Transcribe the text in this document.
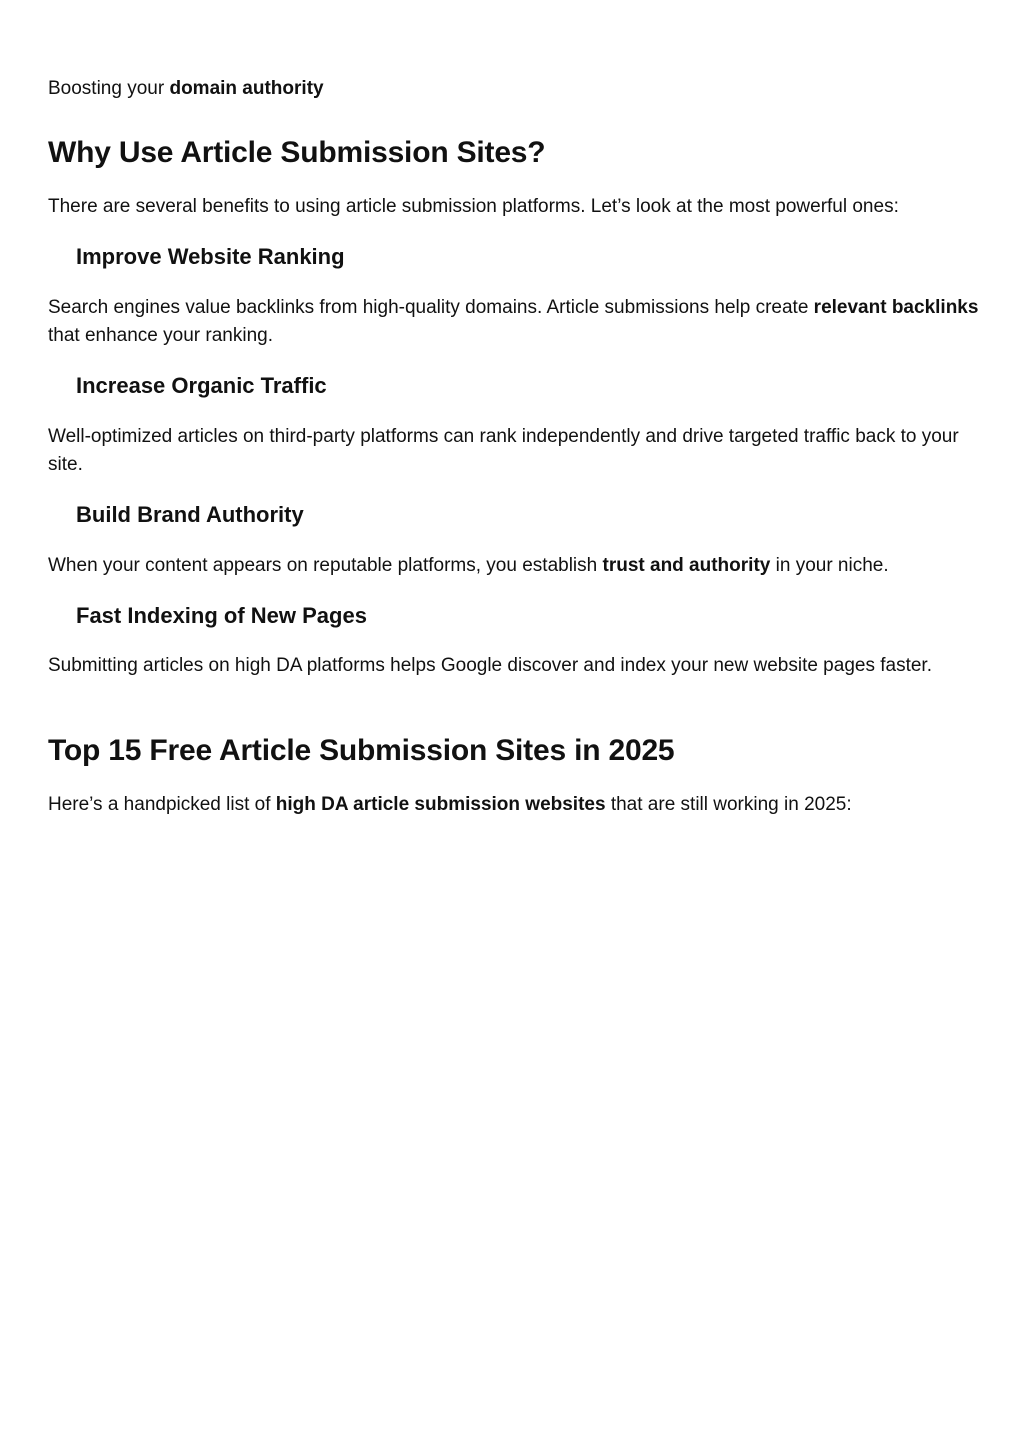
Boosting your domain authority

Why Use Article Submission Sites?

There are several benefits to using article submission platforms. Let’s look at the most powerful ones:

Improve Website Ranking

Search engines value backlinks from high-quality domains. Article submissions help create relevant backlinks that enhance your ranking.

Increase Organic Traffic

Well-optimized articles on third-party platforms can rank independently and drive targeted traffic back to your site.

Build Brand Authority

When your content appears on reputable platforms, you establish trust and authority in your niche.

Fast Indexing of New Pages

Submitting articles on high DA platforms helps Google discover and index your new website pages faster.

Top 15 Free Article Submission Sites in 2025

Here’s a handpicked list of high DA article submission websites that are still working in 2025:
